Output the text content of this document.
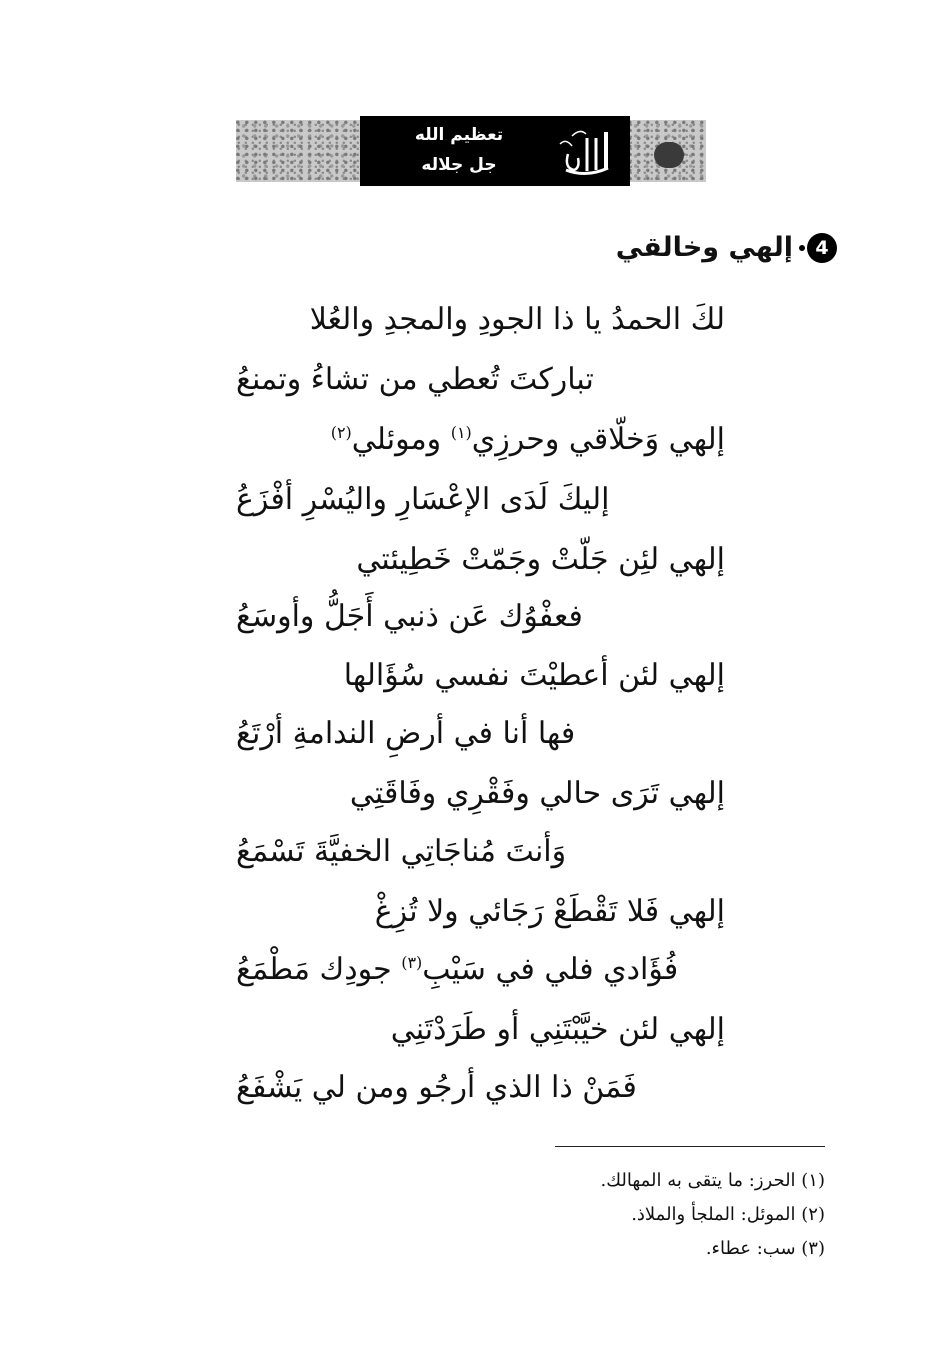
تعظيم الله
جل جلاله
4
إلهي وخالقي
لكَ الحمدُ يا ذا الجودِ والمجدِ والعُلا
تباركتَ تُعطي من تشاءُ وتمنعُ
إلهي وَخلّاقي وحرزِي$^{(١)}$ وموئلي$^{(٢)}$
إليكَ لَدَى الإعْسَارِ واليُسْرِ أفْزَعُ
إلهي لئِن جَلّتْ وجَمّتْ خَطِيئتي
فعفْوُك عَن ذنبي أَجَلُّ وأوسَعُ
إلهي لئن أعطيْتَ نفسي سُؤَالها
فها أنا في أرضِ الندامةِ أرْتَعُ
إلهي تَرَى حالي وفَقْرِي وفَاقَتِي
وَأنتَ مُناجَاتِي الخفيَّةَ تَسْمَعُ
إلهي فَلا تَقْطَعْ رَجَائي ولا تُزِغْ
فُؤَادي فلي في سَيْبِ$^{(٣)}$ جودِك مَطْمَعُ
إلهي لئن خيَّبْتَنِي أو طَرَدْتَنِي
فَمَنْ ذا الذي أرجُو ومن لي يَشْفَعُ
(١) الحرز: ما يتقى به المهالك.
(٢) الموئل: الملجأ والملاذ.
(٣) سب: عطاء.
